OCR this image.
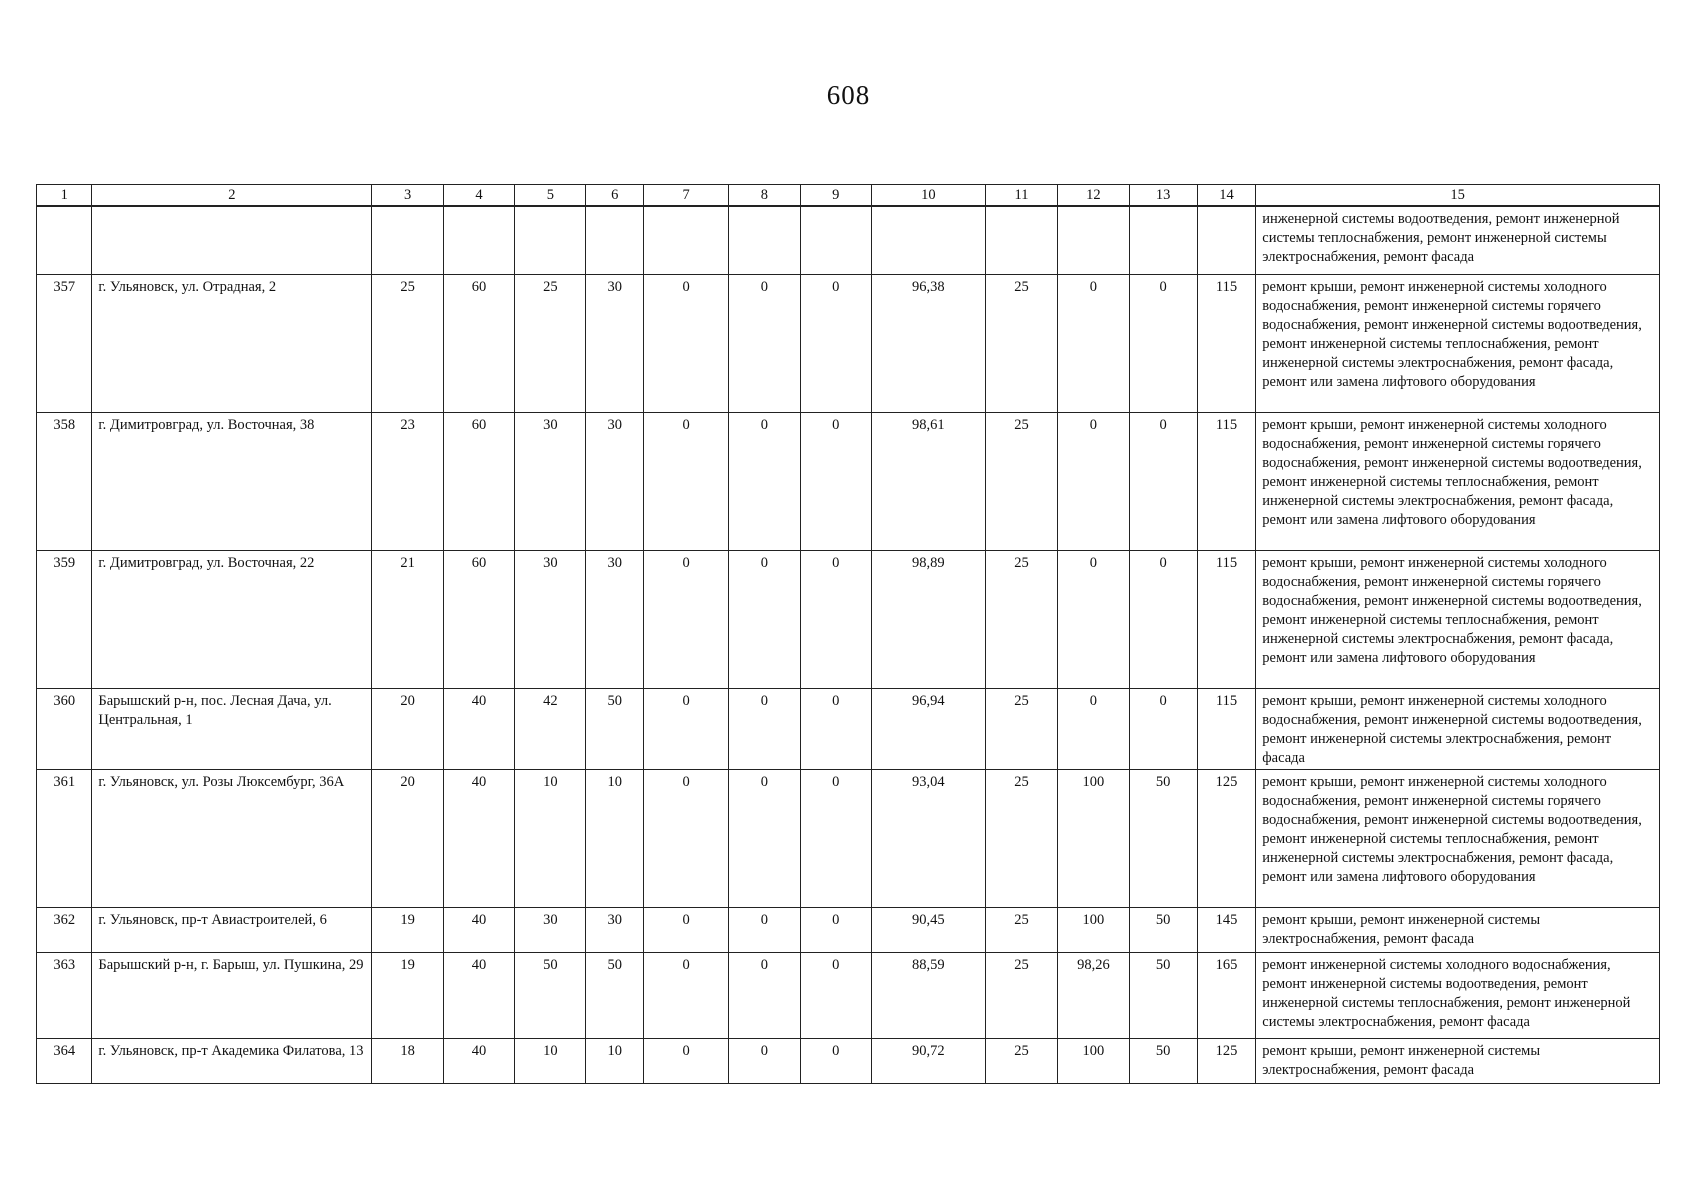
608
1	2	3	4	5	6	7	8	9	10	11	12	13	14	15
														инженерной системы водоотведения, ремонт инженерной системы теплоснабжения, ремонт инженерной системы электроснабжения, ремонт фасада
357	г. Ульяновск, ул. Отрадная, 2	25	60	25	30	0	0	0	96,38	25	0	0	115	ремонт крыши, ремонт инженерной системы холодного водоснабжения, ремонт инженерной системы горячего водоснабжения, ремонт инженерной системы водоотведения, ремонт инженерной системы теплоснабжения, ремонт инженерной системы электроснабжения, ремонт фасада, ремонт или замена лифтового оборудования
358	г. Димитровград, ул. Восточная, 38	23	60	30	30	0	0	0	98,61	25	0	0	115	ремонт крыши, ремонт инженерной системы холодного водоснабжения, ремонт инженерной системы горячего водоснабжения, ремонт инженерной системы водоотведения, ремонт инженерной системы теплоснабжения, ремонт инженерной системы электроснабжения, ремонт фасада, ремонт или замена лифтового оборудования
359	г. Димитровград, ул. Восточная, 22	21	60	30	30	0	0	0	98,89	25	0	0	115	ремонт крыши, ремонт инженерной системы холодного водоснабжения, ремонт инженерной системы горячего водоснабжения, ремонт инженерной системы водоотведения, ремонт инженерной системы теплоснабжения, ремонт инженерной системы электроснабжения, ремонт фасада, ремонт или замена лифтового оборудования
360	Барышский р-н, пос. Лесная Дача, ул. Центральная, 1	20	40	42	50	0	0	0	96,94	25	0	0	115	ремонт крыши, ремонт инженерной системы холодного водоснабжения, ремонт инженерной системы водоотведения, ремонт инженерной системы электроснабжения, ремонт фасада
361	г. Ульяновск, ул. Розы Люксембург, 36А	20	40	10	10	0	0	0	93,04	25	100	50	125	ремонт крыши, ремонт инженерной системы холодного водоснабжения, ремонт инженерной системы горячего водоснабжения, ремонт инженерной системы водоотведения, ремонт инженерной системы теплоснабжения, ремонт инженерной системы электроснабжения, ремонт фасада, ремонт или замена лифтового оборудования
362	г. Ульяновск, пр-т Авиастроителей, 6	19	40	30	30	0	0	0	90,45	25	100	50	145	ремонт крыши, ремонт инженерной системы электроснабжения, ремонт фасада
363	Барышский р-н, г. Барыш, ул. Пушкина, 29	19	40	50	50	0	0	0	88,59	25	98,26	50	165	ремонт инженерной системы холодного водоснабжения, ремонт инженерной системы водоотведения, ремонт инженерной системы теплоснабжения, ремонт инженерной системы электроснабжения, ремонт фасада
364	г. Ульяновск, пр-т Академика Филатова, 13	18	40	10	10	0	0	0	90,72	25	100	50	125	ремонт крыши, ремонт инженерной системы электроснабжения, ремонт фасада
